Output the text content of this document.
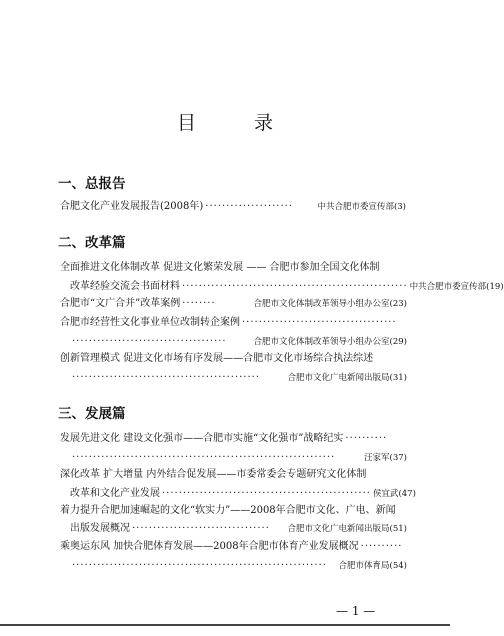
目 录
一、总报告
合肥文化产业发展报告(2008年) ·····················	中共合肥市委宣传部(3)
二、改革篇
全面推进文化体制改革 促进文化繁荣发展 —— 合肥市参加全国文化体制
改革经验交流会书面材料 ······················································ 中共合肥市委宣传部(19)
合肥市“文广合并”改革案例 ········	合肥市文化体制改革领导小组办公室(23)
合肥市经营性文化事业单位改制转企案例 ·····································
·····································	合肥市文化体制改革领导小组办公室(29)
创新管理模式 促进文化市场有序发展——合肥市文化市场综合执法综述
·············································	合肥市文化广电新闻出版局(31)
三、发展篇
发展先进文化 建设文化强市——合肥市实施“文化强市”战略纪实 ··········
·······························································	汪家军(37)
深化改革 扩大增量 内外结合促发展——市委常委会专题研究文化体制
改革和文化产业发展 ·················································· 侯宜武(47)
着力提升合肥加速崛起的文化“软实力”——2008年合肥市文化、广电、新闻
出版发展概况 ·································	合肥市文化广电新闻出版局(51)
乘奥运东风 加快合肥体育发展——2008年合肥市体育产业发展概况 ··········
·····························································	合肥市体育局(54)
— 1 —
